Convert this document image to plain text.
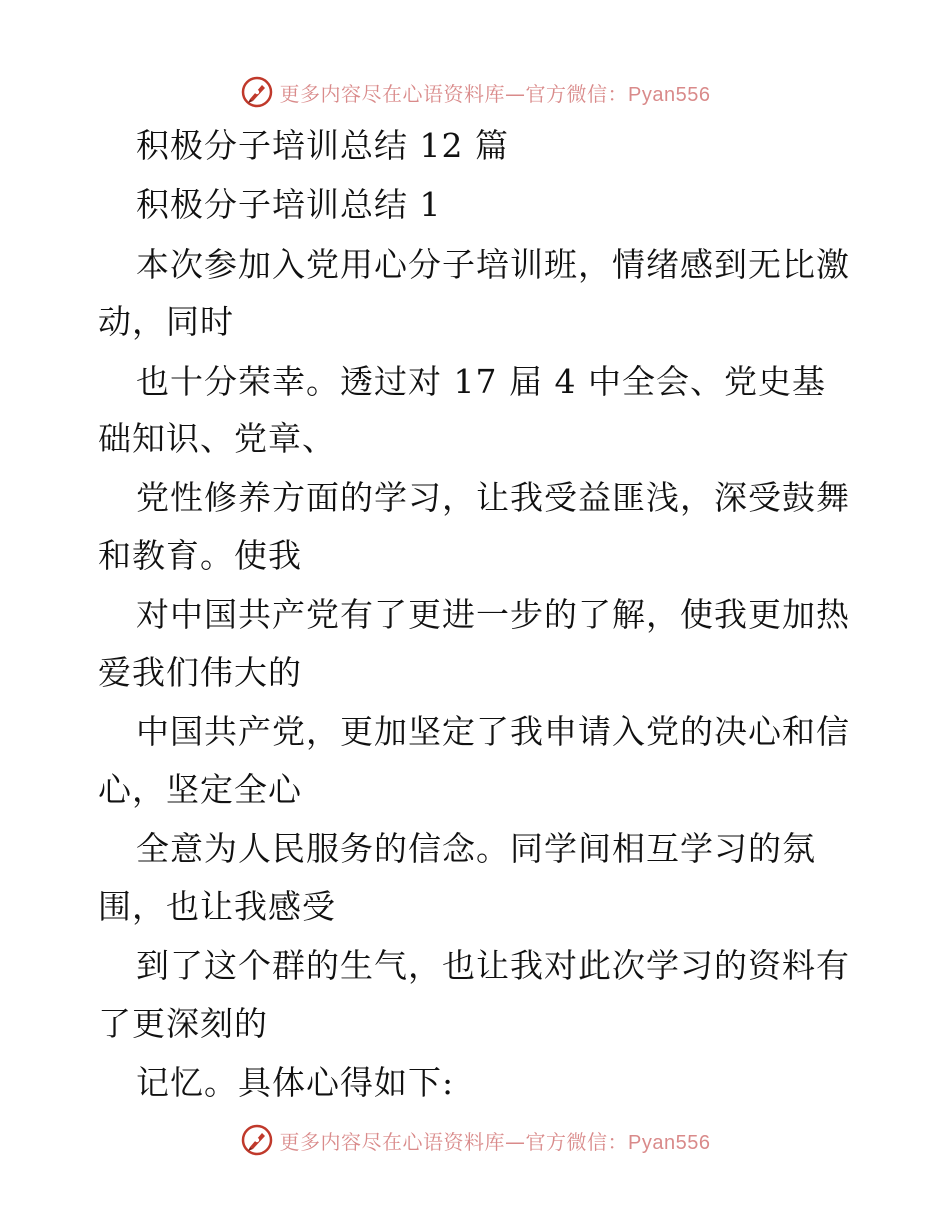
更多内容尽在心语资料库—官方微信：Pyan556
积极分子培训总结 12 篇
积极分子培训总结 1
本次参加入党用心分子培训班，情绪感到无比激
动，同时
也十分荣幸。透过对 17 届 4 中全会、党史基
础知识、党章、
党性修养方面的学习，让我受益匪浅，深受鼓舞
和教育。使我
对中国共产党有了更进一步的了解，使我更加热
爱我们伟大的
中国共产党，更加坚定了我申请入党的决心和信
心，坚定全心
全意为人民服务的信念。同学间相互学习的氛
围，也让我感受
到了这个群的生气，也让我对此次学习的资料有
了更深刻的
记忆。具体心得如下:
更多内容尽在心语资料库—官方微信：Pyan556
